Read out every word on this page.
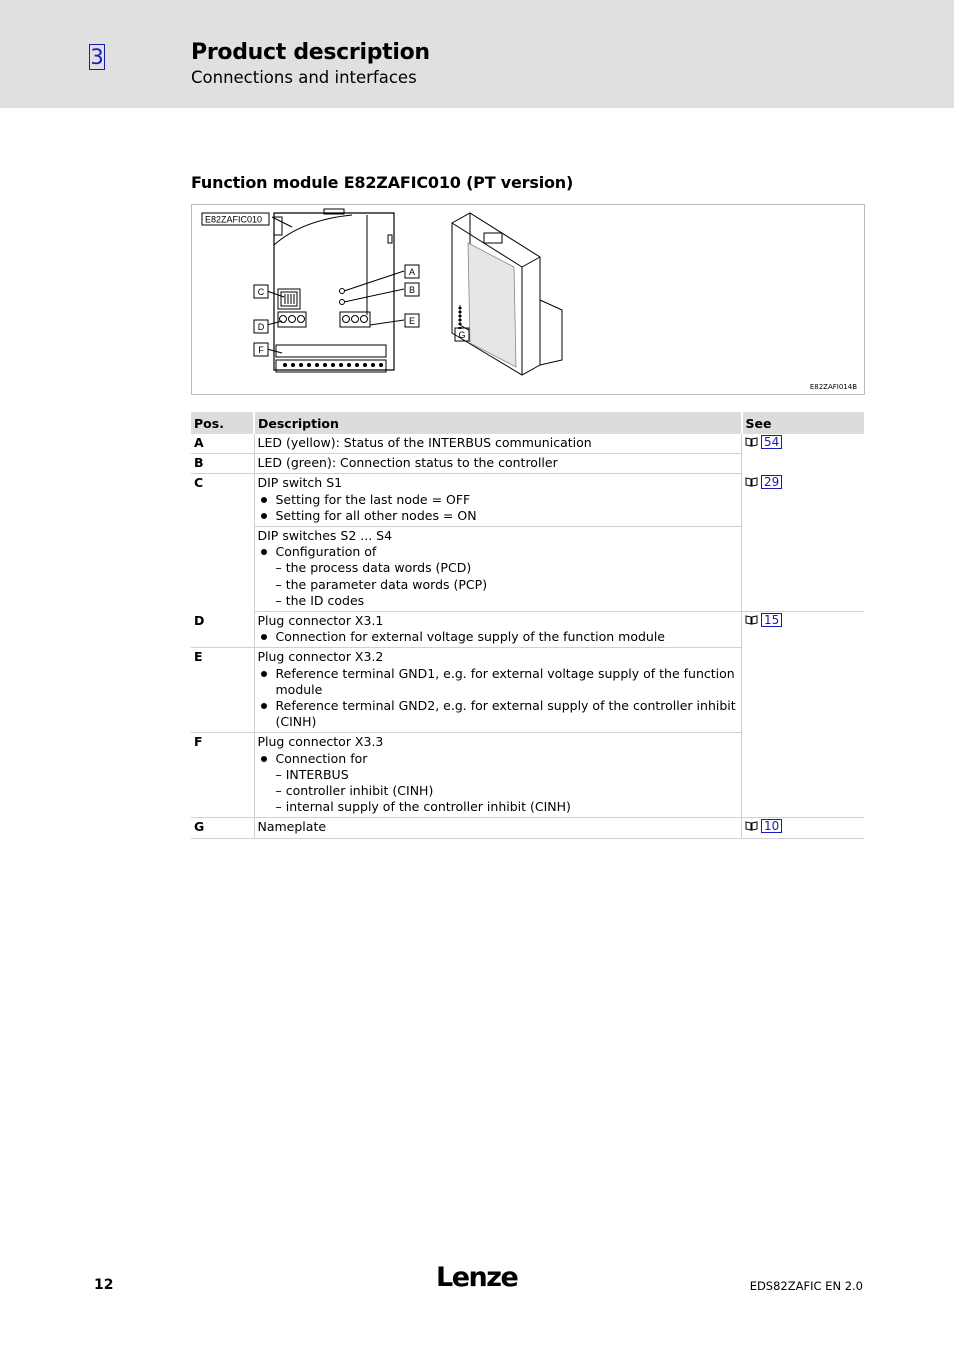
3	Product description
Connections and interfaces
Function module E82ZAFIC010 (PT version)
E82ZAFIC010
A
B
C
D
E
F
G
E82ZAFI014B
Pos.	Description	See
A	LED (yellow): Status of the INTERBUS communication	54

B	LED (green): Connection status to the controller	
C	DIP switch S1
Setting for the last node = OFF
Setting for all other nodes = ON	29

	DIP switches S2 ... S4
Configuration of
– the process data words (PCD)
– the parameter data words (PCP)
– the ID codes	

D	Plug connector X3.1
Connection for external voltage supply of the function module	15

E	Plug connector X3.2
Reference terminal GND1, e.g. for external voltage supply of the function module
Reference terminal GND2, e.g. for external supply of the controller inhibit (CINH)	

F	Plug connector X3.3
Connection for
– INTERBUS
– controller inhibit (CINH)
– internal supply of the controller inhibit (CINH)	

G	Nameplate	10
12	Lenze	EDS82ZAFIC EN 2.0
